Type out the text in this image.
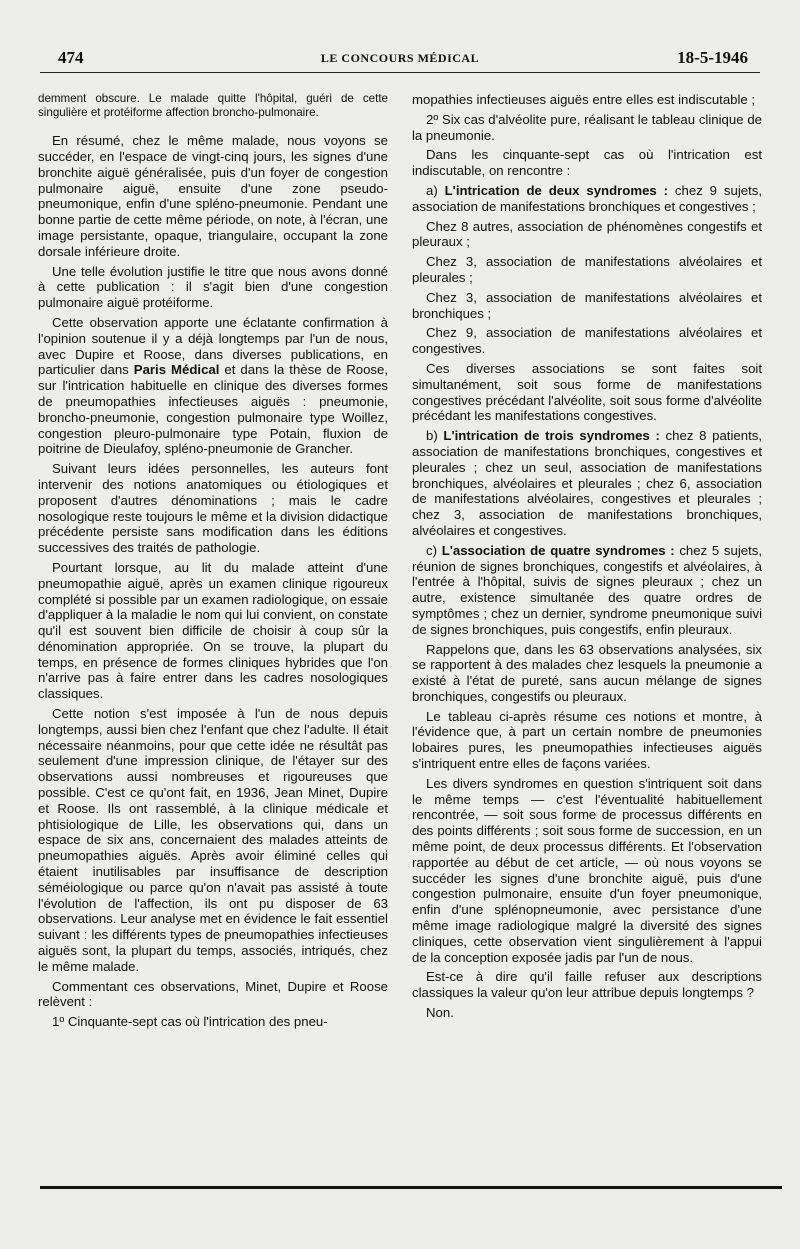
474	LE CONCOURS MÉDICAL	18-5-1946

demment obscure. Le malade quitte l'hôpital, guéri de cette singulière et protéiforme affection broncho-pulmonaire.

En résumé, chez le même malade, nous voyons se succéder, en l'espace de vingt-cinq jours, les signes d'une bronchite aiguë généralisée, puis d'un foyer de congestion pulmonaire aiguë, ensuite d'une zone pseudo-pneumonique, enfin d'une spléno-pneumonie. Pendant une bonne partie de cette même période, on note, à l'écran, une image persistante, opaque, triangulaire, occupant la zone dorsale inférieure droite.

Une telle évolution justifie le titre que nous avons donné à cette publication : il s'agit bien d'une congestion pulmonaire aiguë protéiforme.

Cette observation apporte une éclatante confirmation à l'opinion soutenue il y a déjà longtemps par l'un de nous, avec Dupire et Roose, dans diverses publications, en particulier dans Paris Médical et dans la thèse de Roose, sur l'intrication habituelle en clinique des diverses formes de pneumopathies infectieuses aiguës : pneumonie, broncho-pneumonie, congestion pulmonaire type Woillez, congestion pleuro-pulmonaire type Potain, fluxion de poitrine de Dieulafoy, spléno-pneumonie de Grancher.

Suivant leurs idées personnelles, les auteurs font intervenir des notions anatomiques ou étiologiques et proposent d'autres dénominations ; mais le cadre nosologique reste toujours le même et la division didactique précédente persiste sans modification dans les éditions successives des traités de pathologie.

Pourtant lorsque, au lit du malade atteint d'une pneumopathie aiguë, après un examen clinique rigoureux complété si possible par un examen radiologique, on essaie d'appliquer à la maladie le nom qui lui convient, on constate qu'il est souvent bien difficile de choisir à coup sûr la dénomination appropriée. On se trouve, la plupart du temps, en présence de formes cliniques hybrides que l'on n'arrive pas à faire entrer dans les cadres nosologiques classiques.

Cette notion s'est imposée à l'un de nous depuis longtemps, aussi bien chez l'enfant que chez l'adulte. Il était nécessaire néanmoins, pour que cette idée ne résultât pas seulement d'une impression clinique, de l'étayer sur des observations aussi nombreuses et rigoureuses que possible. C'est ce qu'ont fait, en 1936, Jean Minet, Dupire et Roose. Ils ont rassemblé, à la clinique médicale et phtisiologique de Lille, les observations qui, dans un espace de six ans, concernaient des malades atteints de pneumopathies aiguës. Après avoir éliminé celles qui étaient inutilisables par insuffisance de description séméiologique ou parce qu'on n'avait pas assisté à toute l'évolution de l'affection, ils ont pu disposer de 63 observations. Leur analyse met en évidence le fait essentiel suivant : les différents types de pneumopathies infectieuses aiguës sont, la plupart du temps, associés, intriqués, chez le même malade.

Commentant ces observations, Minet, Dupire et Roose relèvent :

1º Cinquante-sept cas où l'intrication des pneu-

mopathies infectieuses aiguës entre elles est indiscutable ;

2º Six cas d'alvéolite pure, réalisant le tableau clinique de la pneumonie.

Dans les cinquante-sept cas où l'intrication est indiscutable, on rencontre :

a) L'intrication de deux syndromes : chez 9 sujets, association de manifestations bronchiques et congestives ;

Chez 8 autres, association de phénomènes congestifs et pleuraux ;

Chez 3, association de manifestations alvéolaires et pleurales ;

Chez 3, association de manifestations alvéolaires et bronchiques ;

Chez 9, association de manifestations alvéolaires et congestives.

Ces diverses associations se sont faites soit simultanément, soit sous forme de manifestations congestives précédant l'alvéolite, soit sous forme d'alvéolite précédant les manifestations congestives.

b) L'intrication de trois syndromes : chez 8 patients, association de manifestations bronchiques, congestives et pleurales ; chez un seul, association de manifestations bronchiques, alvéolaires et pleurales ; chez 6, association de manifestations alvéolaires, congestives et pleurales ; chez 3, association de manifestations bronchiques, alvéolaires et congestives.

c) L'association de quatre syndromes : chez 5 sujets, réunion de signes bronchiques, congestifs et alvéolaires, à l'entrée à l'hôpital, suivis de signes pleuraux ; chez un autre, existence simultanée des quatre ordres de symptômes ; chez un dernier, syndrome pneumonique suivi de signes bronchiques, puis congestifs, enfin pleuraux.

Rappelons que, dans les 63 observations analysées, six se rapportent à des malades chez lesquels la pneumonie a existé à l'état de pureté, sans aucun mélange de signes bronchiques, congestifs ou pleuraux.

Le tableau ci-après résume ces notions et montre, à l'évidence que, à part un certain nombre de pneumonies lobaires pures, les pneumopathies infectieuses aiguës s'intriquent entre elles de façons variées.

Les divers syndromes en question s'intriquent soit dans le même temps — c'est l'éventualité habituellement rencontrée, — soit sous forme de processus différents en des points différents ; soit sous forme de succession, en un même point, de deux processus différents. Et l'observation rapportée au début de cet article, — où nous voyons se succéder les signes d'une bronchite aiguë, puis d'une congestion pulmonaire, ensuite d'un foyer pneumonique, enfin d'une splénopneumonie, avec persistance d'une même image radiologique malgré la diversité des signes cliniques, cette observation vient singulièrement à l'appui de la conception exposée jadis par l'un de nous.

Est-ce à dire qu'il faille refuser aux descriptions classiques la valeur qu'on leur attribue depuis longtemps ?

Non.
